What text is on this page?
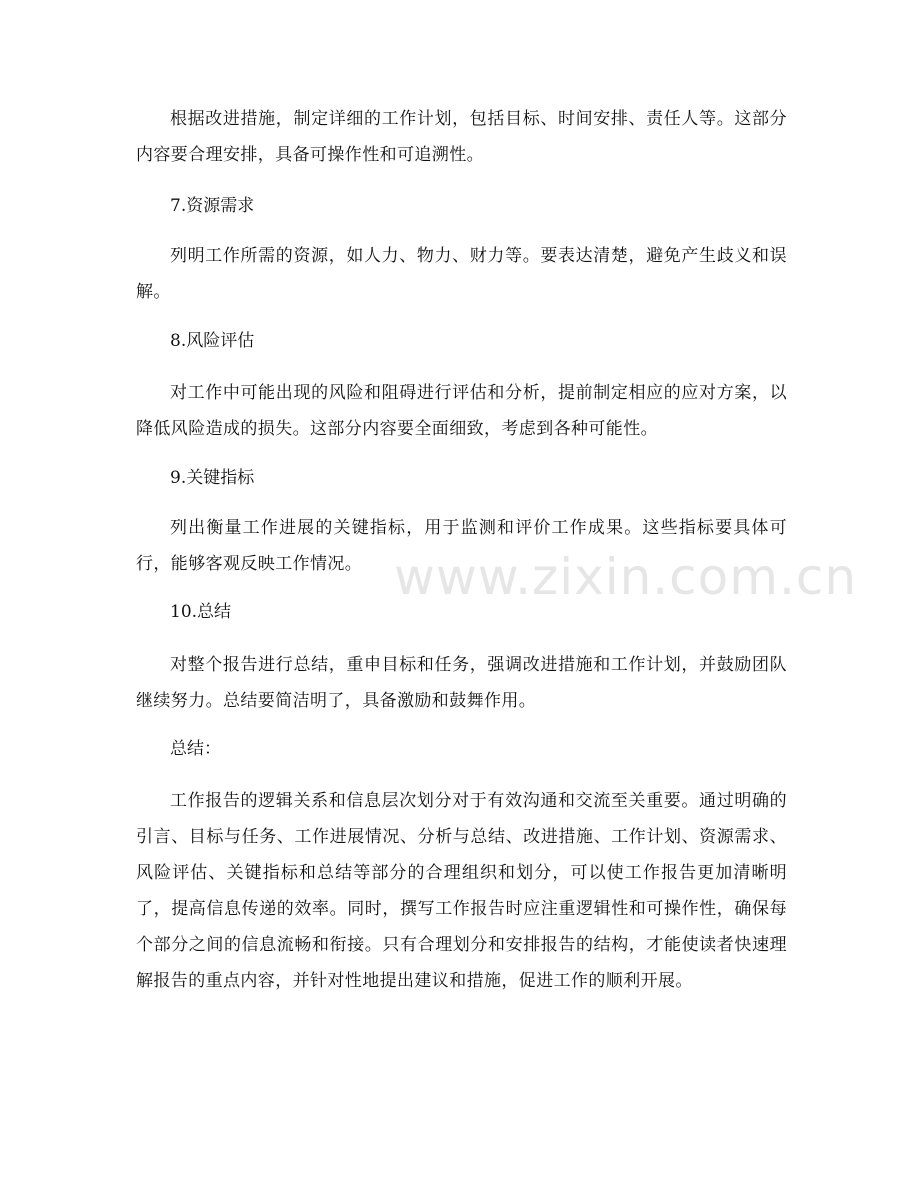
根据改进措施，制定详细的工作计划，包括目标、时间安排、责任人等。这部分内容要合理安排，具备可操作性和可追溯性。

7.资源需求

列明工作所需的资源，如人力、物力、财力等。要表达清楚，避免产生歧义和误解。

8.风险评估

对工作中可能出现的风险和阻碍进行评估和分析，提前制定相应的应对方案，以降低风险造成的损失。这部分内容要全面细致，考虑到各种可能性。

9.关键指标

列出衡量工作进展的关键指标，用于监测和评价工作成果。这些指标要具体可行，能够客观反映工作情况。

10.总结

对整个报告进行总结，重申目标和任务，强调改进措施和工作计划，并鼓励团队继续努力。总结要简洁明了，具备激励和鼓舞作用。

总结：

工作报告的逻辑关系和信息层次划分对于有效沟通和交流至关重要。通过明确的引言、目标与任务、工作进展情况、分析与总结、改进措施、工作计划、资源需求、风险评估、关键指标和总结等部分的合理组织和划分，可以使工作报告更加清晰明了，提高信息传递的效率。同时，撰写工作报告时应注重逻辑性和可操作性，确保每个部分之间的信息流畅和衔接。只有合理划分和安排报告的结构，才能使读者快速理解报告的重点内容，并针对性地提出建议和措施，促进工作的顺利开展。

www.zixin.com.cn
